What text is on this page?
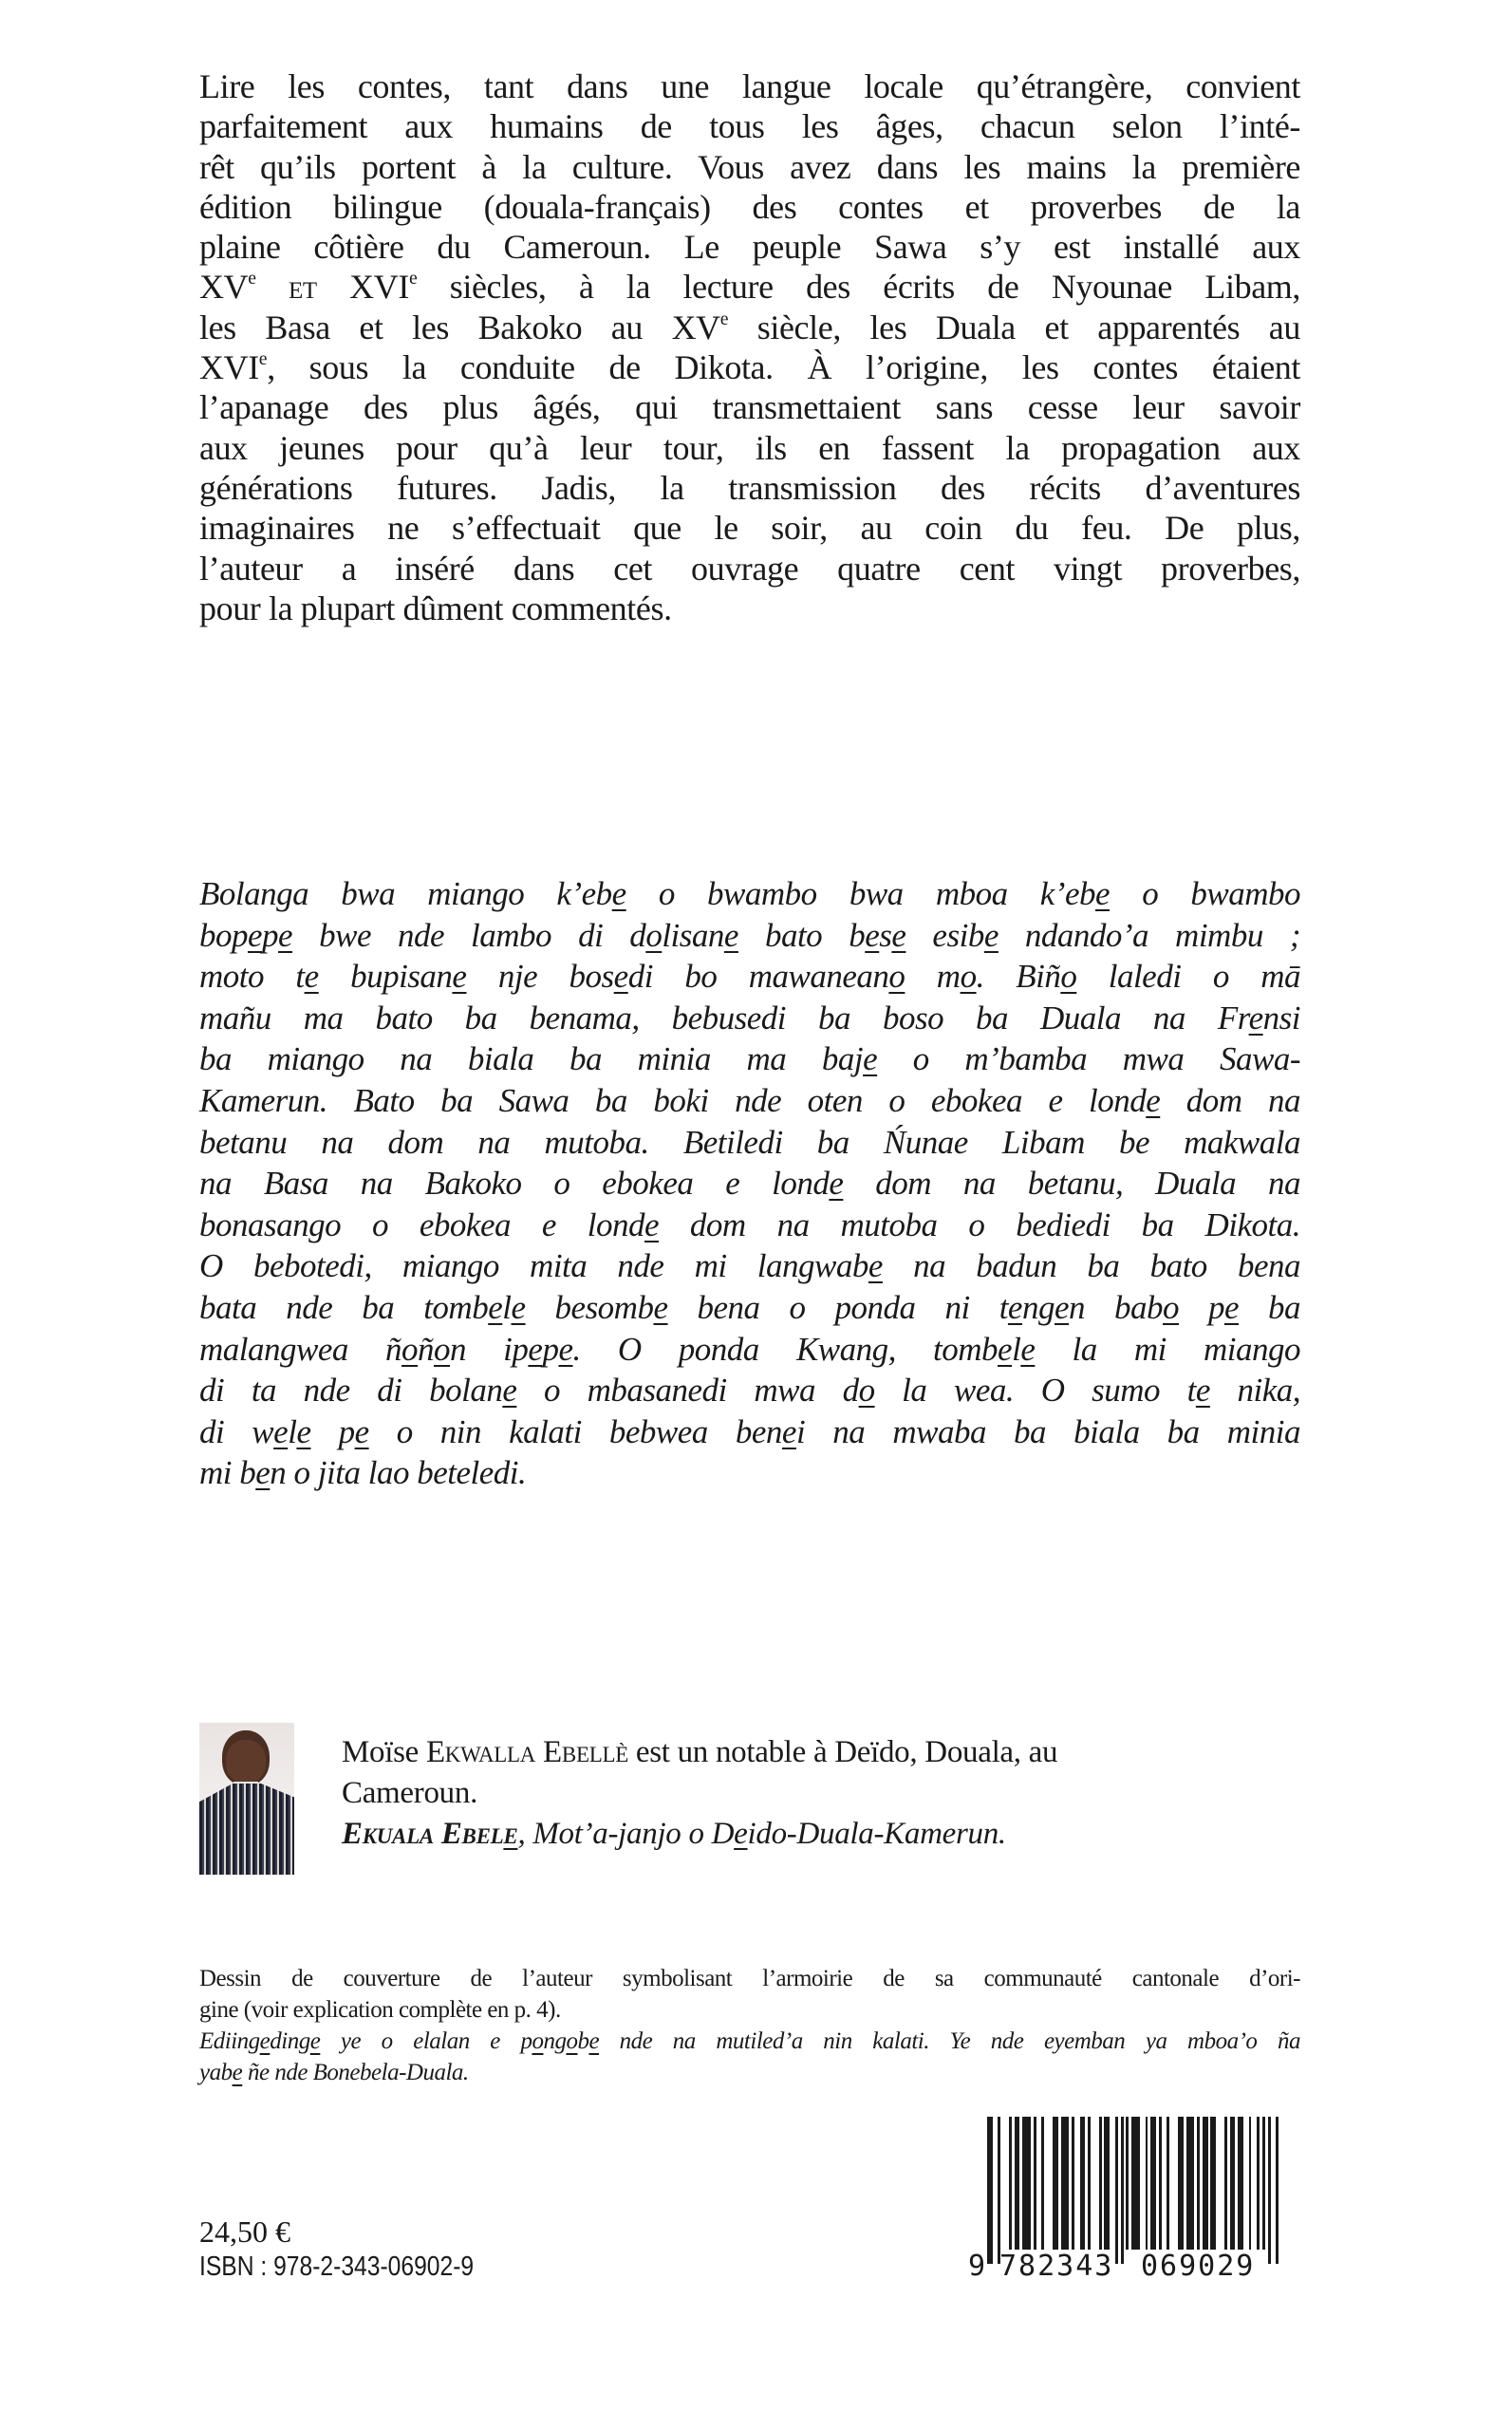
Lire les contes, tant dans une langue locale qu’étrangère, convient
parfaitement aux humains de tous les âges, chacun selon l’inté-
rêt qu’ils portent à la culture. Vous avez dans les mains la première
édition bilingue (douala-français) des contes et proverbes de la
plaine côtière du Cameroun. Le peuple Sawa s’y est installé aux
XVe et XVIe siècles, à la lecture des écrits de Nyounae Libam,
les Basa et les Bakoko au XVe siècle, les Duala et apparentés au
XVIe, sous la conduite de Dikota. À l’origine, les contes étaient
l’apanage des plus âgés, qui transmettaient sans cesse leur savoir
aux jeunes pour qu’à leur tour, ils en fassent la propagation aux
générations futures. Jadis, la transmission des récits d’aventures
imaginaires ne s’effectuait que le soir, au coin du feu. De plus,
l’auteur a inséré dans cet ouvrage quatre cent vingt proverbes,
pour la plupart dûment commentés.
Bolanga bwa miango k’ebe o bwambo bwa mboa k’ebe o bwambo
bopepe bwe nde lambo di dolisane bato bese esibe ndando’a mimbu ;
moto te bupisane nje bosedi bo mawaneano mo. Biño laledi o mā
mañu ma bato ba benama, bebusedi ba boso ba Duala na Frensi
ba miango na biala ba minia ma baje o m’bamba mwa Sawa-
Kamerun. Bato ba Sawa ba boki nde oten o ebokea e londe dom na
betanu na dom na mutoba. Betiledi ba Ńunae Libam be makwala
na Basa na Bakoko o ebokea e londe dom na betanu, Duala na
bonasango o ebokea e londe dom na mutoba o bediedi ba Dikota.
O bebotedi, miango mita nde mi langwabe na badun ba bato bena
bata nde ba tombele besombe bena o ponda ni tengen babo pe ba
malangwea ñoñon ipepe. O ponda Kwang, tombele la mi miango
di ta nde di bolane o mbasanedi mwa do la wea. O sumo te nika,
di wele pe o nin kalati bebwea benei na mwaba ba biala ba minia
mi ben o jita lao beteledi.
Moïse Ekwalla Ebellè est un notable à Deïdo, Douala, au
Cameroun.
Ekuala Ebele, Mot’a-janjo o Deido-Duala-Kamerun.
Dessin de couverture de l’auteur symbolisant l’armoirie de sa communauté cantonale d’ori-
gine (voir explication complète en p. 4).
Ediingedinge ye o elalan e pongobe nde na mutiled’a nin kalati. Ye nde eyemban ya mboa’o ña
yabe ñe nde Bonebela-Duala.
24,50 €
ISBN : 978-2-343-06902-9	9 782343 069029
